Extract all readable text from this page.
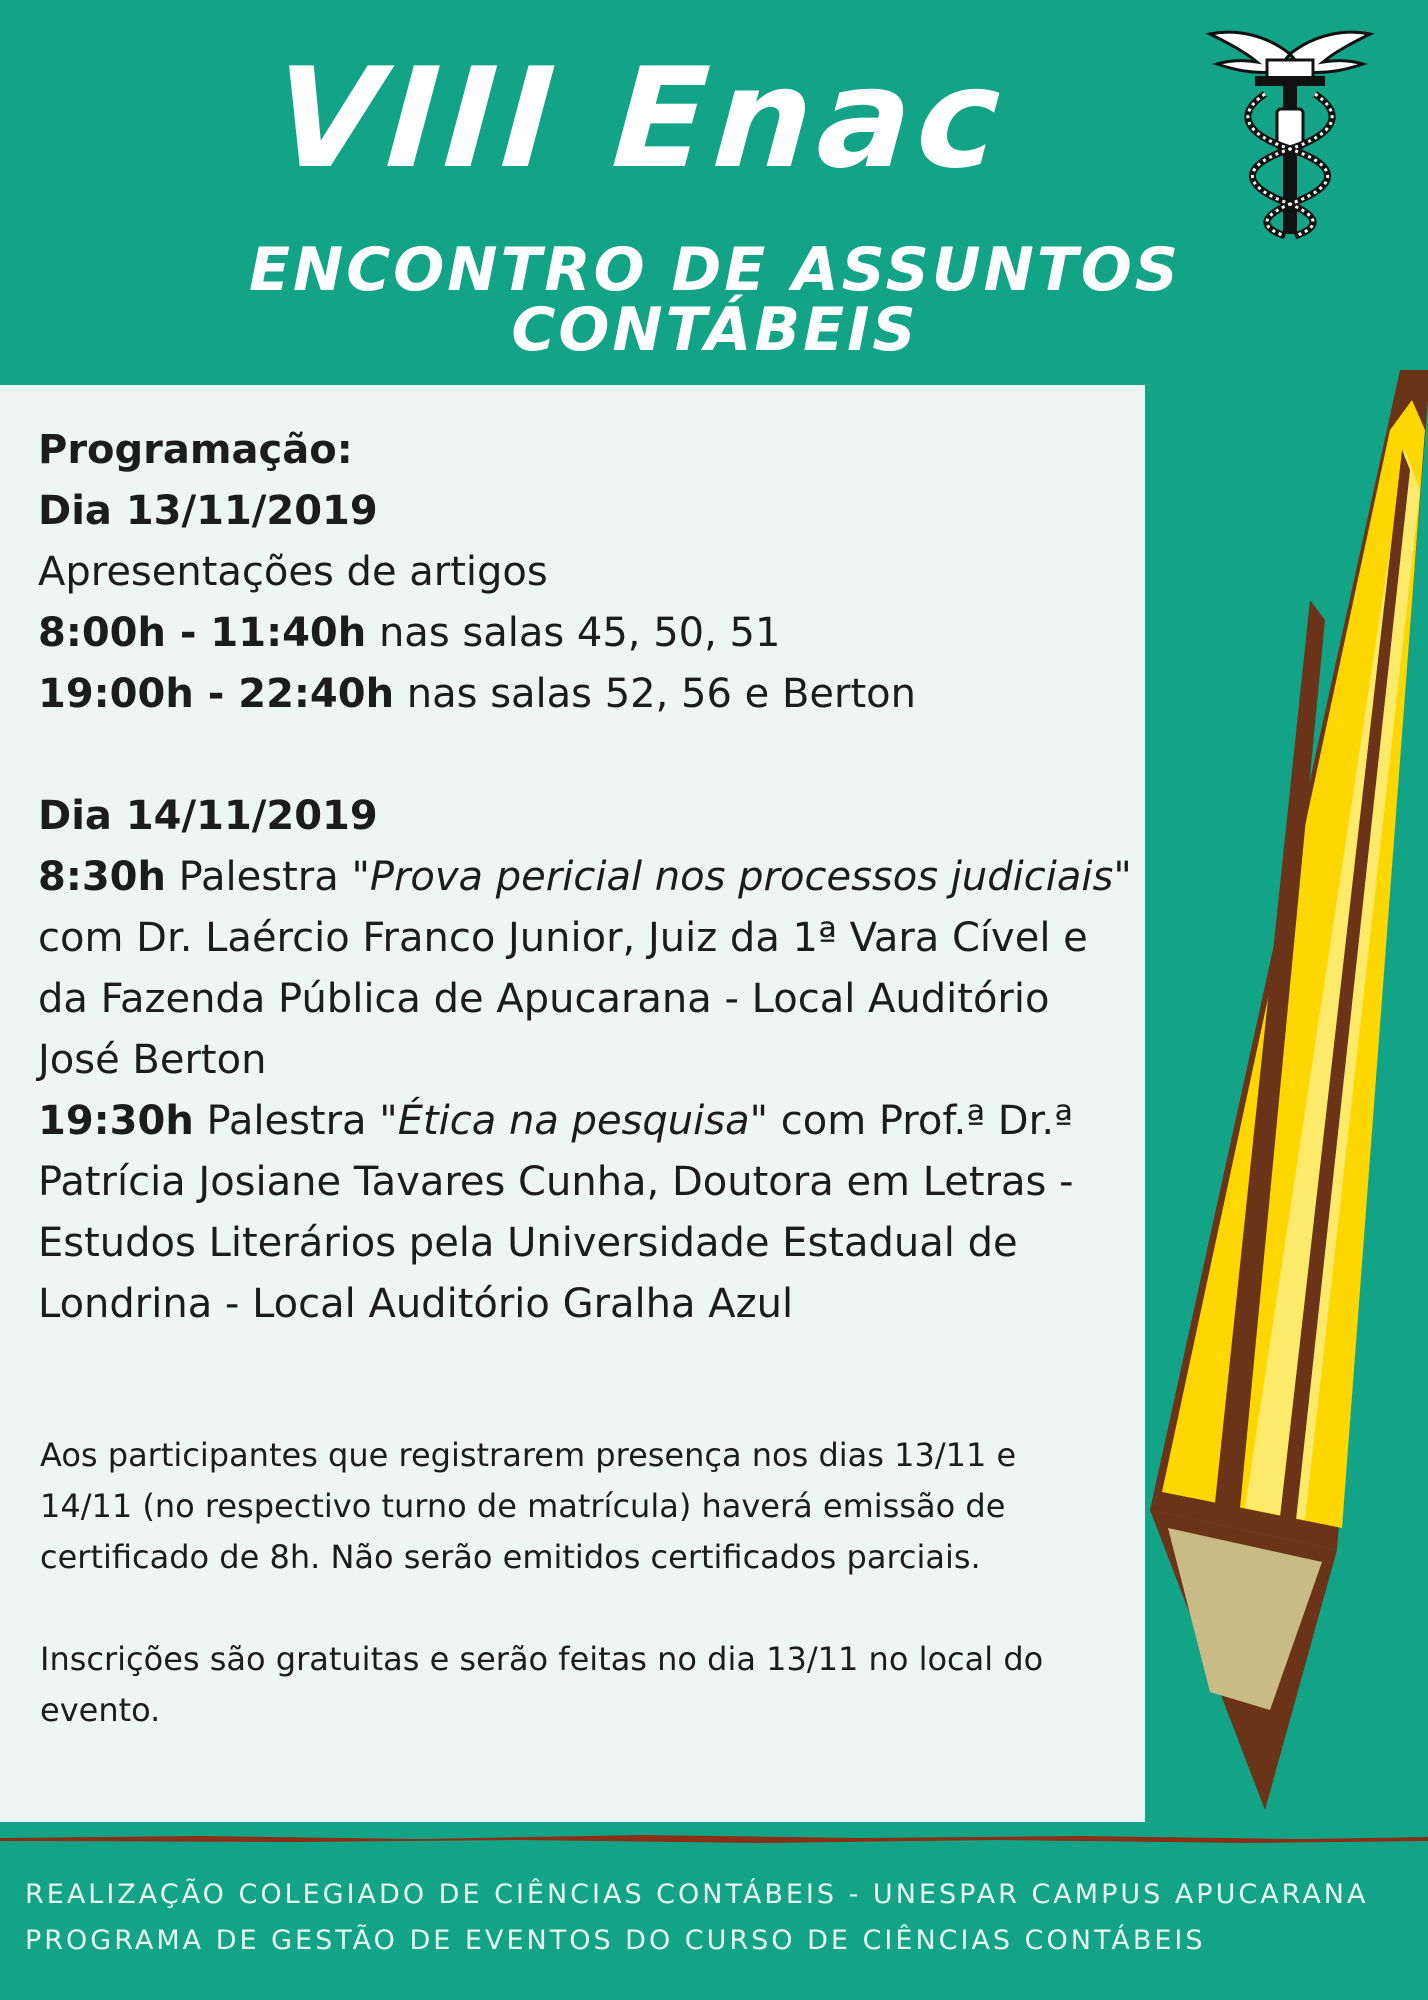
VIII Enac
ENCONTRO DE ASSUNTOS CONTÁBEIS

Programação:

Dia 13/11/2019

Apresentações de artigos

8:00h - 11:40h nas salas 45, 50, 51

19:00h - 22:40h nas salas 52, 56 e Berton

Dia 14/11/2019

8:30h Palestra "Prova pericial nos processos judiciais" com Dr. Laércio Franco Junior, Juiz da 1ª Vara Cível e da Fazenda Pública de Apucarana - Local Auditório José Berton

19:30h Palestra "Ética na pesquisa" com Prof.ª Dr.ª Patrícia Josiane Tavares Cunha, Doutora em Letras - Estudos Literários pela Universidade Estadual de Londrina - Local Auditório Gralha Azul

Aos participantes que registrarem presença nos dias 13/11 e 14/11 (no respectivo turno de matrícula) haverá emissão de certificado de 8h. Não serão emitidos certificados parciais.

Inscrições são gratuitas e serão feitas no dia 13/11 no local do evento.

REALIZAÇÃO COLEGIADO DE CIÊNCIAS CONTÁBEIS - UNESPAR CAMPUS APUCARANA
PROGRAMA DE GESTÃO DE EVENTOS DO CURSO DE CIÊNCIAS CONTÁBEIS
